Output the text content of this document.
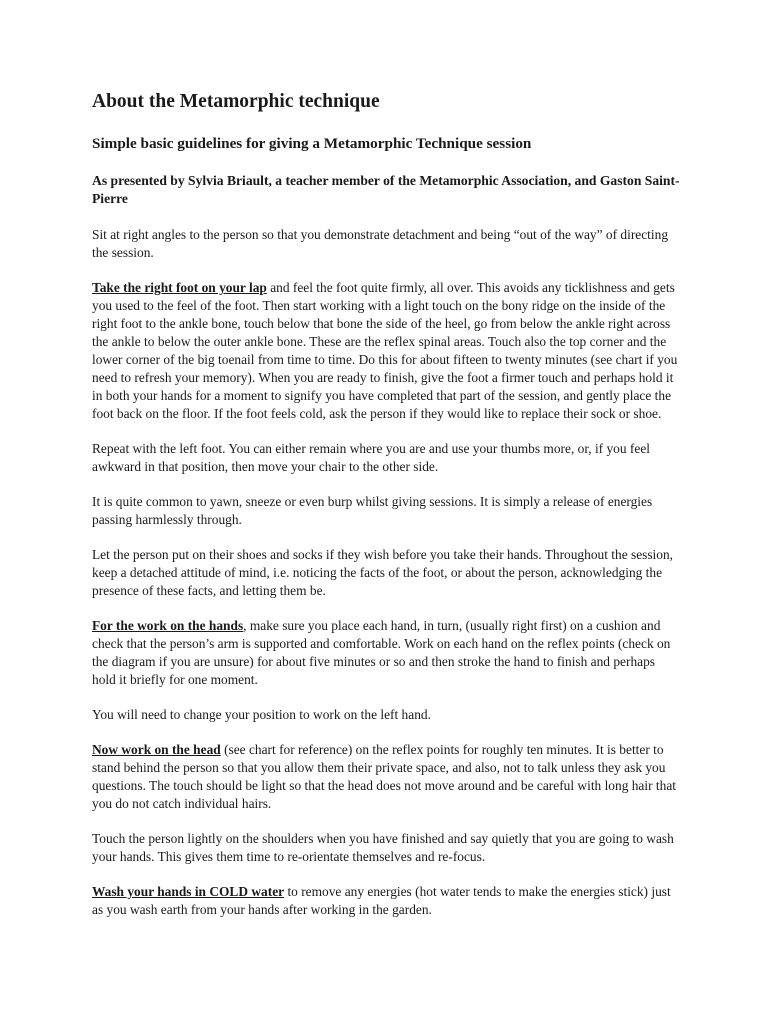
About the Metamorphic technique
Simple basic guidelines for giving a Metamorphic Technique session
As presented by Sylvia Briault, a teacher member of the Metamorphic Association, and Gaston Saint-Pierre

Sit at right angles to the person so that you demonstrate detachment and being “out of the way” of directing the session.

Take the right foot on your lap and feel the foot quite firmly, all over. This avoids any ticklishness and gets you used to the feel of the foot. Then start working with a light touch on the bony ridge on the inside of the right foot to the ankle bone, touch below that bone the side of the heel, go from below the ankle right across the ankle to below the outer ankle bone. These are the reflex spinal areas. Touch also the top corner and the lower corner of the big toenail from time to time. Do this for about fifteen to twenty minutes (see chart if you need to refresh your memory). When you are ready to finish, give the foot a firmer touch and perhaps hold it in both your hands for a moment to signify you have completed that part of the session, and gently place the foot back on the floor. If the foot feels cold, ask the person if they would like to replace their sock or shoe.

Repeat with the left foot. You can either remain where you are and use your thumbs more, or, if you feel awkward in that position, then move your chair to the other side.

It is quite common to yawn, sneeze or even burp whilst giving sessions. It is simply a release of energies passing harmlessly through.

Let the person put on their shoes and socks if they wish before you take their hands. Throughout the session, keep a detached attitude of mind, i.e. noticing the facts of the foot, or about the person, acknowledging the presence of these facts, and letting them be.

For the work on the hands, make sure you place each hand, in turn, (usually right first) on a cushion and check that the person’s arm is supported and comfortable. Work on each hand on the reflex points (check on the diagram if you are unsure) for about five minutes or so and then stroke the hand to finish and perhaps hold it briefly for one moment.

You will need to change your position to work on the left hand.

Now work on the head (see chart for reference) on the reflex points for roughly ten minutes. It is better to stand behind the person so that you allow them their private space, and also, not to talk unless they ask you questions. The touch should be light so that the head does not move around and be careful with long hair that you do not catch individual hairs.

Touch the person lightly on the shoulders when you have finished and say quietly that you are going to wash your hands. This gives them time to re-orientate themselves and re-focus.

Wash your hands in COLD water to remove any energies (hot water tends to make the energies stick) just as you wash earth from your hands after working in the garden.
